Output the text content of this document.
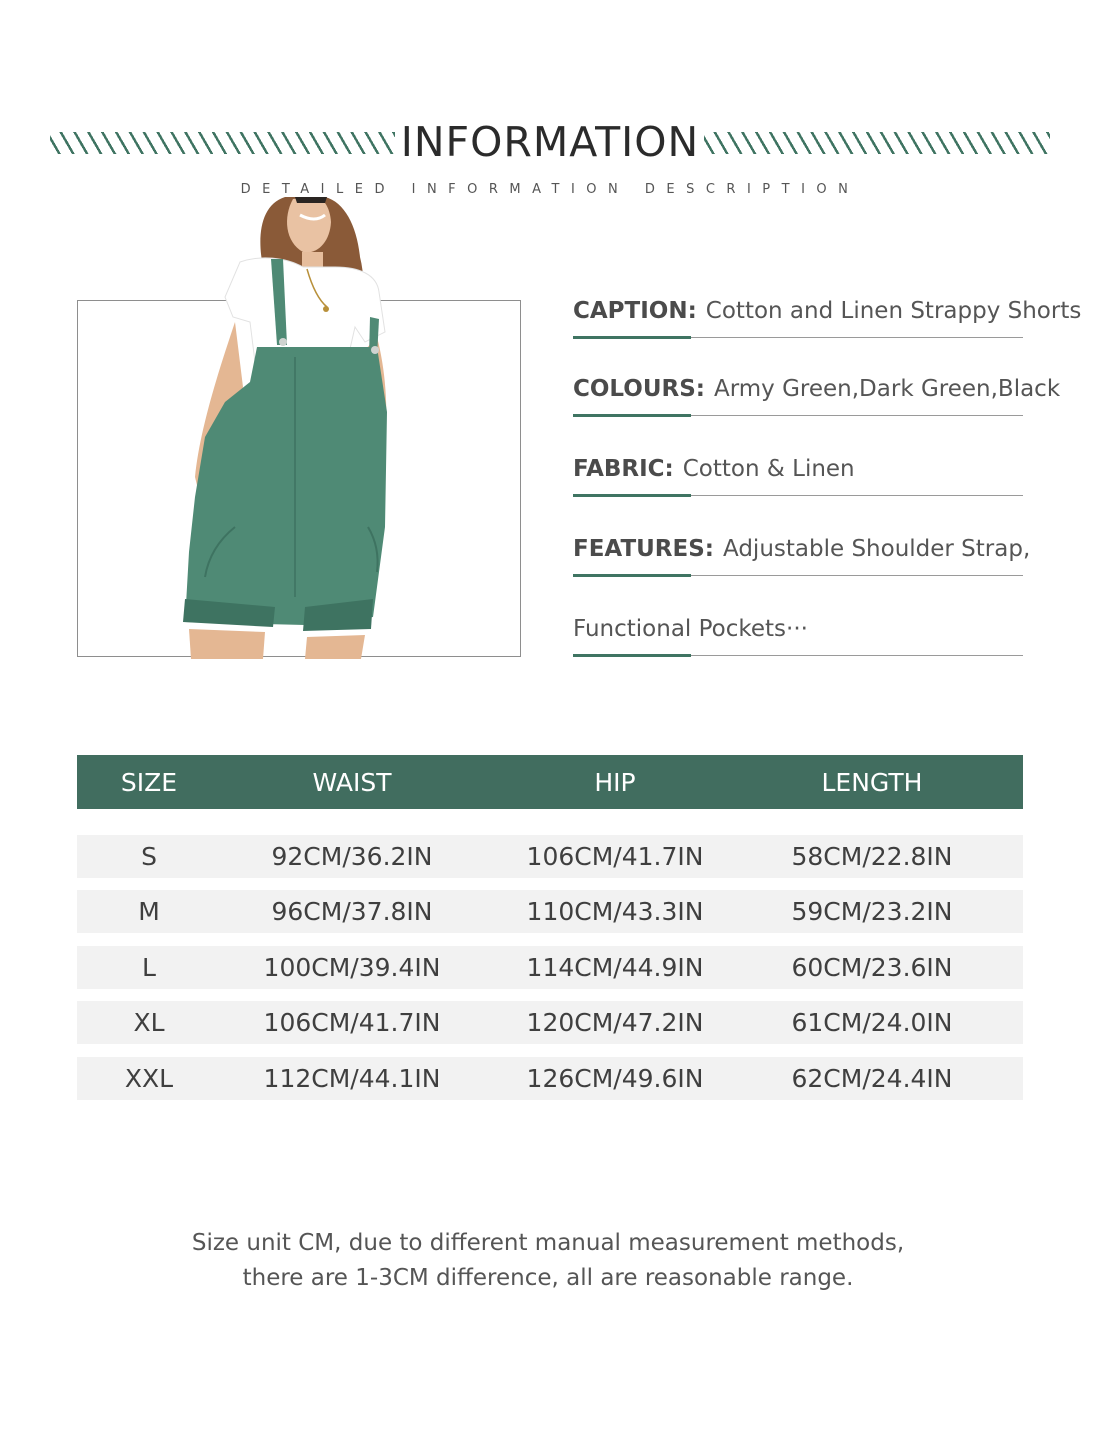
INFORMATION
DETAILED INFORMATION DESCRIPTION
CAPTION: Cotton and Linen Strappy Shorts
COLOURS: Army Green,Dark Green,Black
FABRIC: Cotton & Linen
FEATURES: Adjustable Shoulder Strap,
Functional Pockets···
SIZE	WAIST	HIP	LENGTH
S	92CM/36.2IN	106CM/41.7IN	58CM/22.8IN
M	96CM/37.8IN	110CM/43.3IN	59CM/23.2IN
L	100CM/39.4IN	114CM/44.9IN	60CM/23.6IN
XL	106CM/41.7IN	120CM/47.2IN	61CM/24.0IN
XXL	112CM/44.1IN	126CM/49.6IN	62CM/24.4IN
Size unit CM, due to different manual measurement methods,
there are 1-3CM difference, all are reasonable range.
